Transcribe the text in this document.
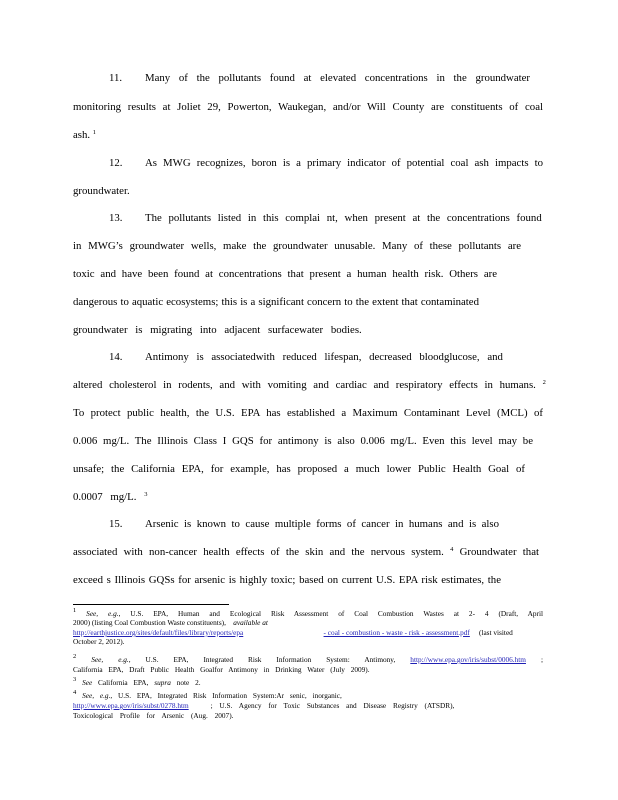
11. Many of the pollutants found at elevated concentrations in the groundwater
monitoring results at Joliet 29, Powerton, Waukegan, and/or Will County are constituents of coal
ash. $^1$
12. As MWG recognizes, boron is a primary indicator of potential coal ash impacts to
groundwater.
13. The pollutants listed in this complai nt, when present at the concentrations found
in MWG’s groundwater wells, make the groundwater unusable. Many of these pollutants are
toxic and have been found at concentrations that present a human health risk. Others are
dangerous to aquatic ecosystems; this is a significant concern to the extent that contaminated
groundwater is migrating into adjacent surfacewater bodies.
14. Antimony is associatedwith reduced lifespan, decreased bloodglucose, and
altered cholesterol in rodents, and with vomiting and cardiac and respiratory effects in humans. $^2$
To protect public health, the U.S. EPA has established a Maximum Contaminant Level (MCL) of
0.006 mg/L. The Illinois Class I GQS for antimony is also 0.006 mg/L. Even this level may be
unsafe; the California EPA, for example, has proposed a much lower Public Health Goal of
0.0007 mg/L. $^3$
15. Arsenic is known to cause multiple forms of cancer in humans and is also
associated with non-cancer health effects of the skin and the nervous system. $^4$ Groundwater that
exceed s Illinois GQSs for arsenic is highly toxic; based on current U.S. EPA risk estimates, the
$^1$ See, e.g., U.S. EPA, Human and Ecological Risk Assessment of Coal Combustion Wastes at 2- 4 (Draft, April
2000) (listing Coal Combustion Waste constituents), available at
http://earthjustice.org/sites/default/files/library/reports/epa	- coal - combustion - waste - risk - assessment.pdf (last visited
October 2, 2012).
$^2$ See, e.g., U.S. EPA, Integrated Risk Information System: Antimony, http://www.epa.gov/iris/subst/0006.htm ;
California EPA, Draft Public Health Goalfor Antimony in Drinking Water (July 2009).
$^3$ See California EPA, supra note 2.
$^4$ See, e.g., U.S. EPA, Integrated Risk Information System:Ar senic, inorganic,
http://www.epa.gov/iris/subst/0278.htm	; U.S. Agency for Toxic Substances and Disease Registry (ATSDR),
Toxicological Profile for Arsenic (Aug. 2007).
